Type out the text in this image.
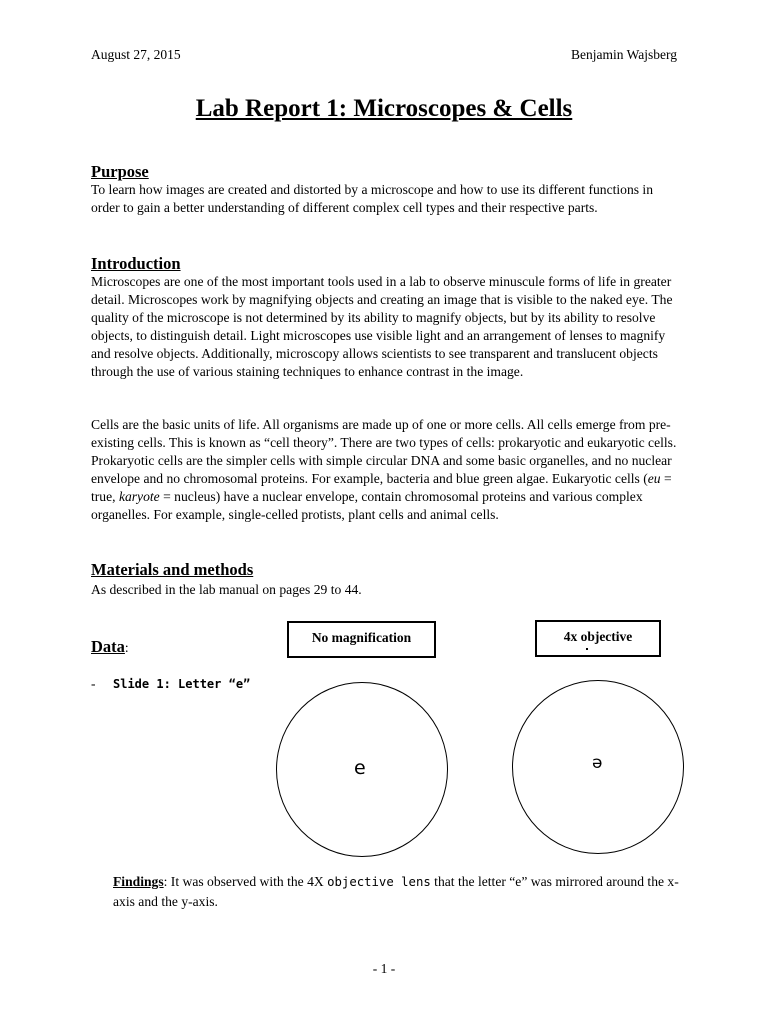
August 27, 2015	Benjamin Wajsberg
Lab Report 1: Microscopes & Cells
Purpose

To learn how images are created and distorted by a microscope and how to use its different functions in order to gain a better understanding of different complex cell types and their respective parts.

Introduction

Microscopes are one of the most important tools used in a lab to observe minuscule forms of life in greater detail. Microscopes work by magnifying objects and creating an image that is visible to the naked eye. The quality of the microscope is not determined by its ability to magnify objects, but by its ability to resolve objects, to distinguish detail. Light microscopes use visible light and an arrangement of lenses to magnify and resolve objects. Additionally, microscopy allows scientists to see transparent and translucent objects through the use of various staining techniques to enhance contrast in the image.

Cells are the basic units of life. All organisms are made up of one or more cells. All cells emerge from pre-existing cells. This is known as “cell theory”. There are two types of cells: prokaryotic and eukaryotic cells. Prokaryotic cells are the simpler cells with simple circular DNA and some basic organelles, and no nuclear envelope and no chromosomal proteins. For example, bacteria and blue green algae. Eukaryotic cells (eu = true, karyote = nucleus) have a nuclear envelope, contain chromosomal proteins and various complex organelles. For example, single-celled protists, plant cells and animal cells.

Materials and methods

As described in the lab manual on pages 29 to 44.

Data:
- Slide 1: Letter “e”
No magnification	4x objective
e	ə

Findings: It was observed with the 4X objective lens that the letter “e” was mirrored around the x-axis and the y-axis.

- 1 -
